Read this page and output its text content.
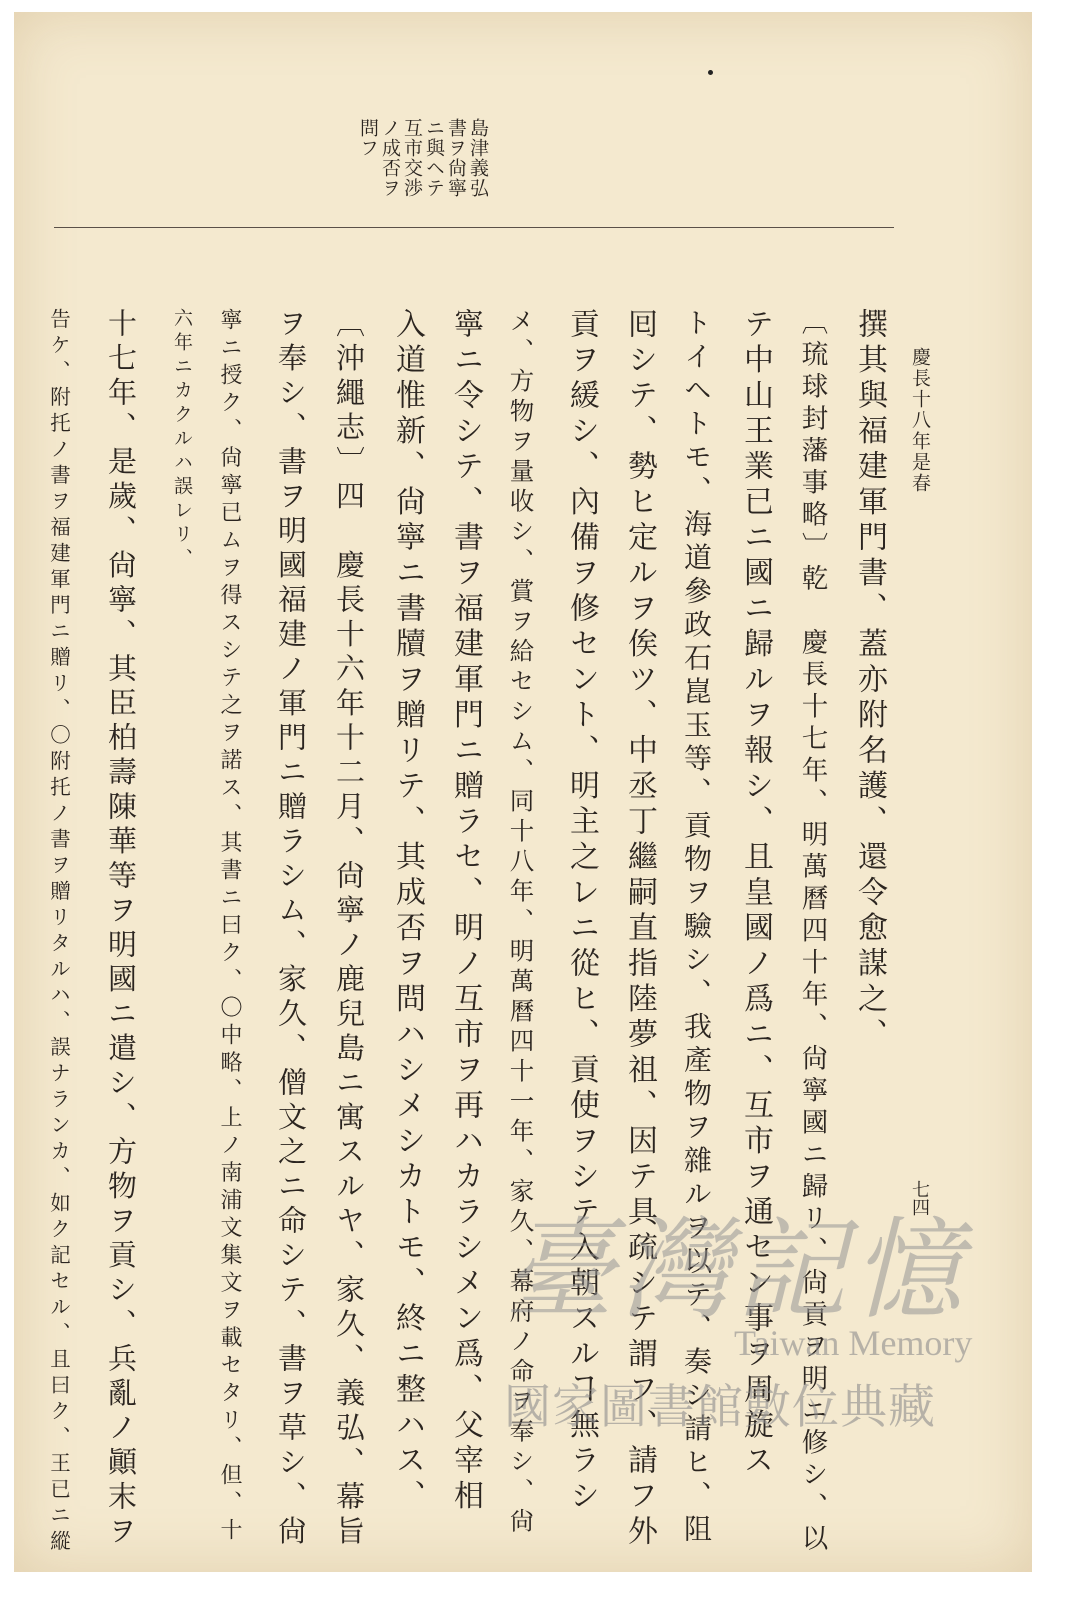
慶長十八年是春
七四
島津義弘
書ヲ尙寧
ニ與ヘテ
互市交渉
ノ成否ヲ
問フ
撰其與福建軍門書、蓋亦附名護、還令愈謀之、
〔琉球封藩事略〕乾　慶長十七年、明萬曆四十年、尙寧國ニ歸リ、尙貢ヲ明ニ修シ、以
テ中山王業已ニ國ニ歸ルヲ報シ、且皇國ノ爲ニ、互市ヲ通セン事ヲ周旋ス
トイヘトモ、海道參政石崑玉等、貢物ヲ驗シ、我產物ヲ雜ルヲ以テ、奏シ請ヒ、阻
囘シテ、勢ヒ定ルヲ俟ツ、中丞丁繼嗣直指陸夢祖、因テ具疏シテ謂フ、請フ外
貢ヲ緩シ、內備ヲ修セント、明主之レニ從ヒ、貢使ヲシテ入朝スルヿ無ラシ
メ、方物ヲ量收シ、賞ヲ給セシム、同十八年、明萬曆四十一年、家久、幕府ノ命ヲ奉シ、尙
寧ニ令シテ、書ヲ福建軍門ニ贈ラセ、明ノ互市ヲ再ハカラシメン爲、父宰相
入道惟新、尙寧ニ書牘ヲ贈リテ、其成否ヲ問ハシメシカトモ、終ニ整ハス、
〔沖繩志〕四　慶長十六年十二月、尙寧ノ鹿兒島ニ寓スルヤ、家久、義弘、幕旨
ヲ奉シ、書ヲ明國福建ノ軍門ニ贈ラシム、家久、僧文之ニ命シテ、書ヲ草シ、尙
寧ニ授ク、尙寧已ムヲ得スシテ之ヲ諾ス、其書ニ曰ク、〇中略、上ノ南浦文集文ヲ載セタリ、但、十
六年ニカクルハ誤レリ、
十七年、是歲、尙寧、其臣柏壽陳華等ヲ明國ニ遣シ、方物ヲ貢シ、兵亂ノ顚末ヲ
告ケ、附托ノ書ヲ福建軍門ニ贈リ、〇附托ノ書ヲ贈リタルハ、誤ナランカ、如ク記セル、且曰ク、王已ニ縱	臺灣記憶
Taiwan Memory
國家圖書館數位典藏
